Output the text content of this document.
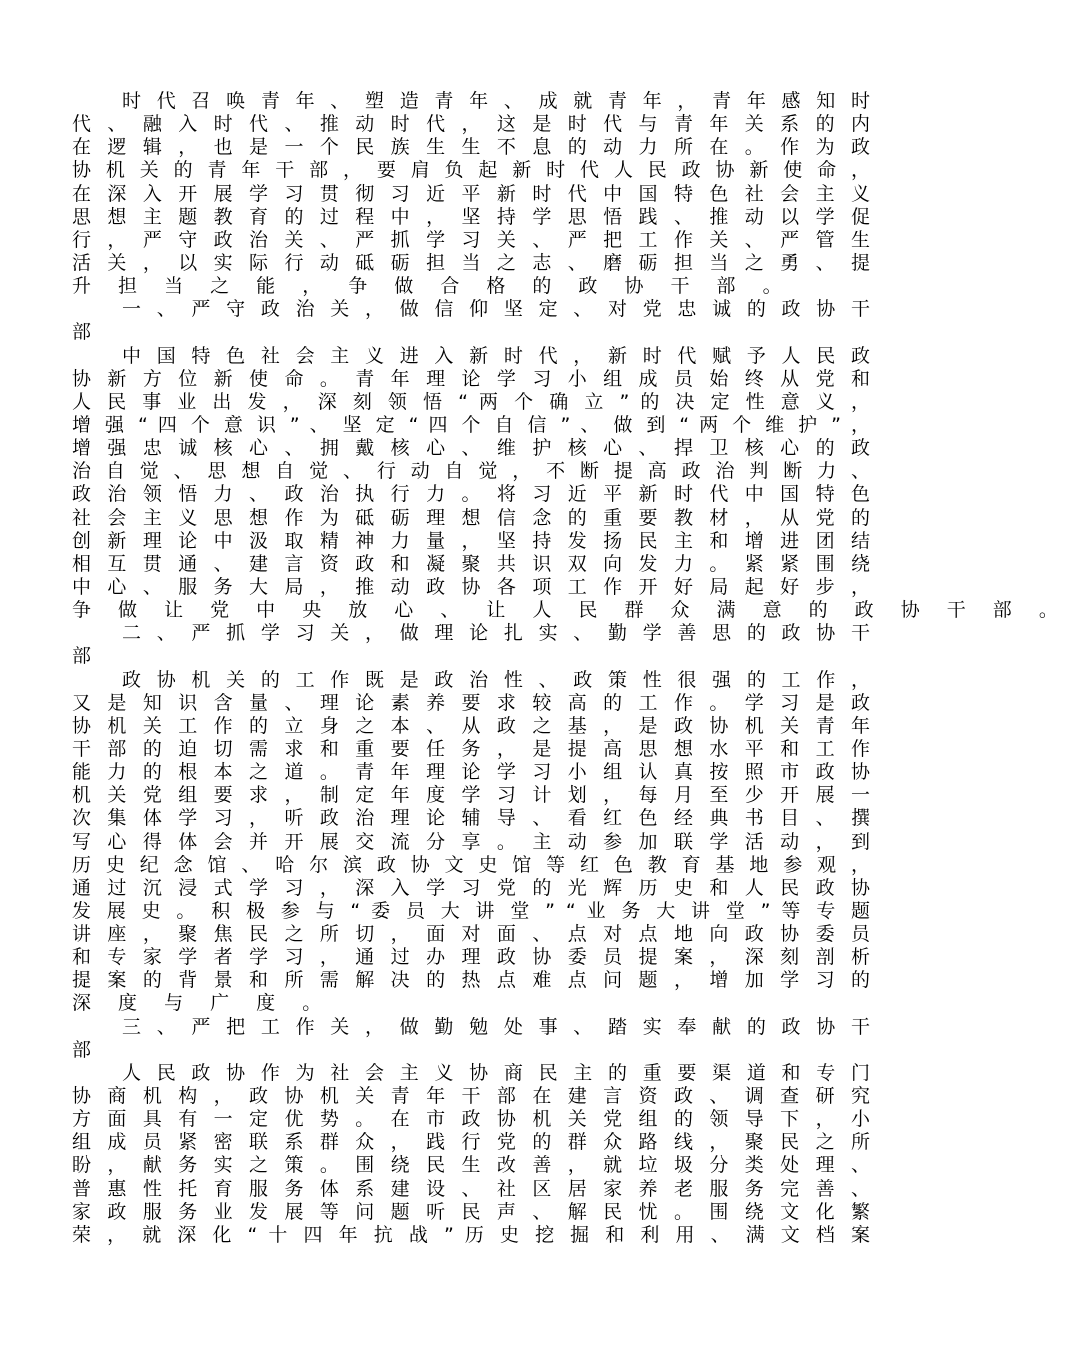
时 代 召 唤 青 年 、 塑 造 青 年 、 成 就 青 年 ， 青 年 感 知 时
代 、 融 入 时 代 、 推 动 时 代 ， 这 是 时 代 与 青 年 关 系 的 内
在 逻 辑 ， 也 是 一 个 民 族 生 生 不 息 的 动 力 所 在 。 作 为 政
协 机 关 的 青 年 干 部 ， 要 肩 负 起 新 时 代 人 民 政 协 新 使 命 ，
在 深 入 开 展 学 习 贯 彻 习 近 平 新 时 代 中 国 特 色 社 会 主 义
思 想 主 题 教 育 的 过 程 中 ， 坚 持 学 思 悟 践 、 推 动 以 学 促
行 ， 严 守 政 治 关 、 严 抓 学 习 关 、 严 把 工 作 关 、 严 管 生
活 关 ， 以 实 际 行 动 砥 砺 担 当 之 志 、 磨 砺 担 当 之 勇 、 提
升 担 当 之 能 ， 争 做 合 格 的 政 协 干 部 。
一 、 严 守 政 治 关 ， 做 信 仰 坚 定 、 对 党 忠 诚 的 政 协 干
部
中 国 特 色 社 会 主 义 进 入 新 时 代 ， 新 时 代 赋 予 人 民 政
协 新 方 位 新 使 命 。 青 年 理 论 学 习 小 组 成 员 始 终 从 党 和
人 民 事 业 出 发 ， 深 刻 领 悟 “ 两 个 确 立 ” 的 决 定 性 意 义 ，
增 强 “ 四 个 意 识 ” 、 坚 定 “ 四 个 自 信 ” 、 做 到 “ 两 个 维 护 ” ，
增 强 忠 诚 核 心 、 拥 戴 核 心 、 维 护 核 心 、 捍 卫 核 心 的 政
治 自 觉 、 思 想 自 觉 、 行 动 自 觉 ， 不 断 提 高 政 治 判 断 力 、
政 治 领 悟 力 、 政 治 执 行 力 。 将 习 近 平 新 时 代 中 国 特 色
社 会 主 义 思 想 作 为 砥 砺 理 想 信 念 的 重 要 教 材 ， 从 党 的
创 新 理 论 中 汲 取 精 神 力 量 ， 坚 持 发 扬 民 主 和 增 进 团 结
相 互 贯 通 、 建 言 资 政 和 凝 聚 共 识 双 向 发 力 。 紧 紧 围 绕
中 心 、 服 务 大 局 ， 推 动 政 协 各 项 工 作 开 好 局 起 好 步 ，
争 做 让 党 中 央 放 心 、 让 人 民 群 众 满 意 的 政 协 干 部 。
二 、 严 抓 学 习 关 ， 做 理 论 扎 实 、 勤 学 善 思 的 政 协 干
部
政 协 机 关 的 工 作 既 是 政 治 性 、 政 策 性 很 强 的 工 作 ，
又 是 知 识 含 量 、 理 论 素 养 要 求 较 高 的 工 作 。 学 习 是 政
协 机 关 工 作 的 立 身 之 本 、 从 政 之 基 ， 是 政 协 机 关 青 年
干 部 的 迫 切 需 求 和 重 要 任 务 ， 是 提 高 思 想 水 平 和 工 作
能 力 的 根 本 之 道 。 青 年 理 论 学 习 小 组 认 真 按 照 市 政 协
机 关 党 组 要 求 ， 制 定 年 度 学 习 计 划 ， 每 月 至 少 开 展 一
次 集 体 学 习 ， 听 政 治 理 论 辅 导 、 看 红 色 经 典 书 目 、 撰
写 心 得 体 会 并 开 展 交 流 分 享 。 主 动 参 加 联 学 活 动 ， 到
历 史 纪 念 馆 、 哈 尔 滨 政 协 文 史 馆 等 红 色 教 育 基 地 参 观 ，
通 过 沉 浸 式 学 习 ， 深 入 学 习 党 的 光 辉 历 史 和 人 民 政 协
发 展 史 。 积 极 参 与 “ 委 员 大 讲 堂 ” “ 业 务 大 讲 堂 ” 等 专 题
讲 座 ， 聚 焦 民 之 所 切 ， 面 对 面 、 点 对 点 地 向 政 协 委 员
和 专 家 学 者 学 习 ， 通 过 办 理 政 协 委 员 提 案 ， 深 刻 剖 析
提 案 的 背 景 和 所 需 解 决 的 热 点 难 点 问 题 ， 增 加 学 习 的
深 度 与 广 度 。
三 、 严 把 工 作 关 ， 做 勤 勉 处 事 、 踏 实 奉 献 的 政 协 干
部
人 民 政 协 作 为 社 会 主 义 协 商 民 主 的 重 要 渠 道 和 专 门
协 商 机 构 ， 政 协 机 关 青 年 干 部 在 建 言 资 政 、 调 查 研 究
方 面 具 有 一 定 优 势 。 在 市 政 协 机 关 党 组 的 领 导 下 ， 小
组 成 员 紧 密 联 系 群 众 ， 践 行 党 的 群 众 路 线 ， 聚 民 之 所
盼 ， 献 务 实 之 策 。 围 绕 民 生 改 善 ， 就 垃 圾 分 类 处 理 、
普 惠 性 托 育 服 务 体 系 建 设 、 社 区 居 家 养 老 服 务 完 善 、
家 政 服 务 业 发 展 等 问 题 听 民 声 、 解 民 忧 。 围 绕 文 化 繁
荣 ， 就 深 化 “ 十 四 年 抗 战 ” 历 史 挖 掘 和 利 用 、 满 文 档 案
